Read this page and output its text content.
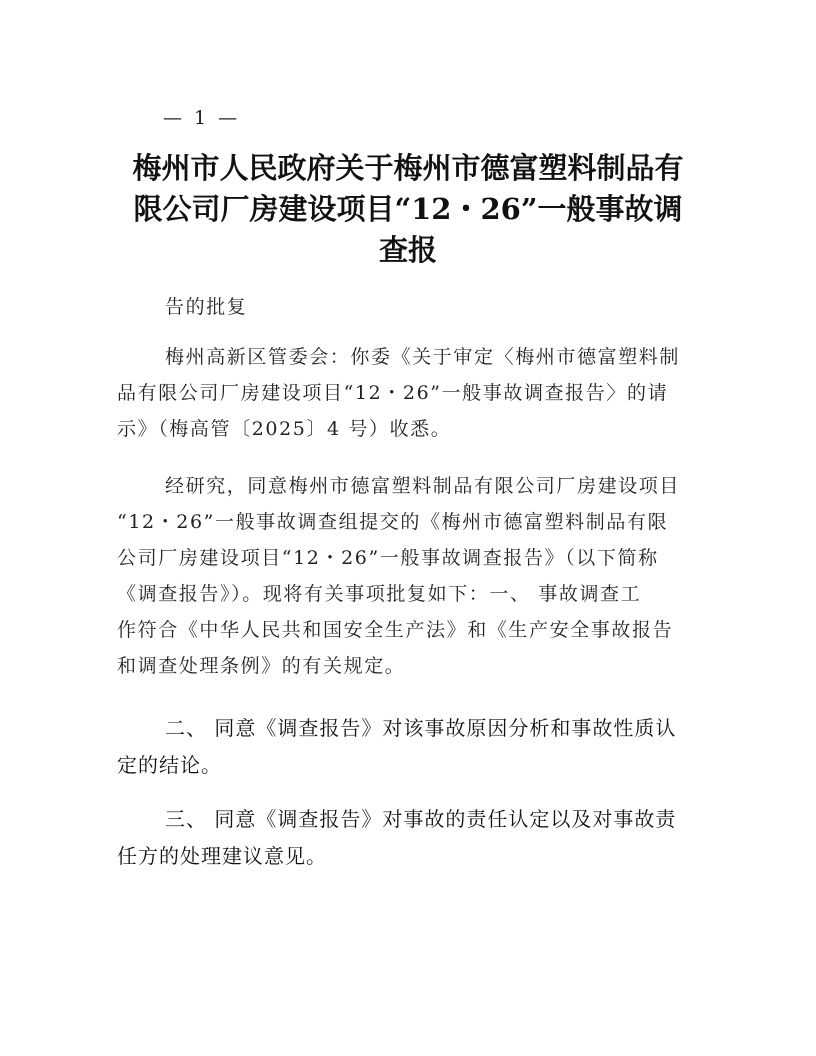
— 1 —
梅州市人民政府关于梅州市德富塑料制品有
限公司厂房建设项目“12・26”一般事故调
查报
告的批复
梅州高新区管委会：你委《关于审定〈梅州市德富塑料制
品有限公司厂房建设项目“12・26”一般事故调查报告〉的请
示》（梅高管〔2025〕4 号）收悉。
经研究，同意梅州市德富塑料制品有限公司厂房建设项目
“12・26”一般事故调查组提交的《梅州市德富塑料制品有限
公司厂房建设项目“12・26”一般事故调查报告》（以下简称
《调查报告》）。现将有关事项批复如下：一、 事故调查工
作符合《中华人民共和国安全生产法》和《生产安全事故报告
和调查处理条例》的有关规定。
二、 同意《调查报告》对该事故原因分析和事故性质认
定的结论。
三、 同意《调查报告》对事故的责任认定以及对事故责
任方的处理建议意见。
